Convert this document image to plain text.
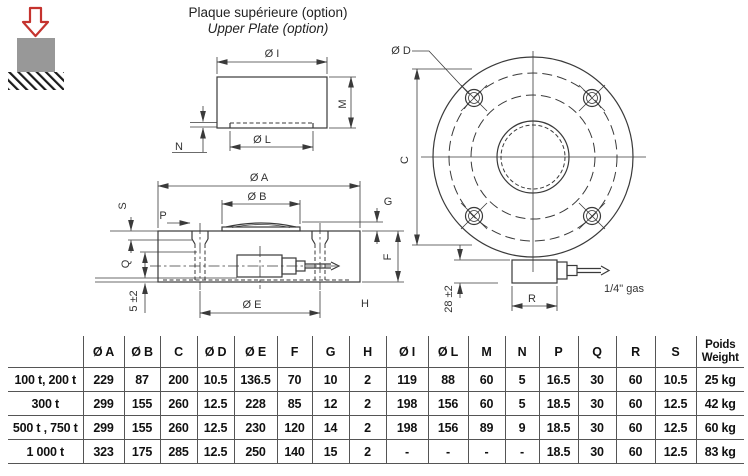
Plaque supérieure (option)
Upper Plate (option)
Ø I
M
N
Ø L
Ø A
Ø B
S
P
Q
5 ±2
G
F
H
Ø E
Ø D
C
1/4" gas
R
28 ±2
	Ø A	Ø B	C	Ø D	Ø E	F	G	H	Ø I	Ø L	M	N	P	Q	R	S	Poids
Weight

100 t, 200 t	229	87	200	10.5	136.5	70	10	2	119	88	60	5	16.5	30	60	10.5	25 kg
300 t	299	155	260	12.5	228	85	12	2	198	156	60	5	18.5	30	60	12.5	42 kg
500 t , 750 t	299	155	260	12.5	230	120	14	2	198	156	89	9	18.5	30	60	12.5	60 kg
1 000 t	323	175	285	12.5	250	140	15	2	-	-	-	-	18.5	30	60	12.5	83 kg
